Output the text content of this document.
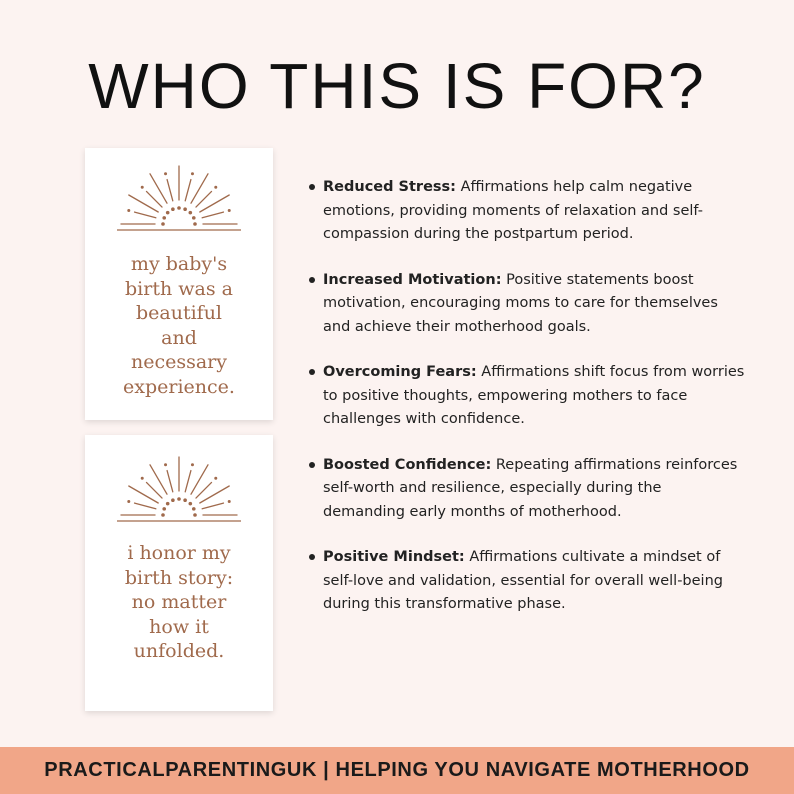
WHO THIS IS FOR?
my baby's
birth was a
beautiful
and
necessary
experience.
i honor my
birth story:
no matter
how it
unfolded.
Reduced Stress: Affirmations help calm negative emotions, providing moments of relaxation and self-compassion during the postpartum period.
Increased Motivation: Positive statements boost motivation, encouraging moms to care for themselves and achieve their motherhood goals.
Overcoming Fears: Affirmations shift focus from worries to positive thoughts, empowering mothers to face challenges with confidence.
Boosted Confidence: Repeating affirmations reinforces self-worth and resilience, especially during the demanding early months of motherhood.
Positive Mindset: Affirmations cultivate a mindset of self-love and validation, essential for overall well-being during this transformative phase.
PRACTICALPARENTINGUK | HELPING YOU NAVIGATE MOTHERHOOD
